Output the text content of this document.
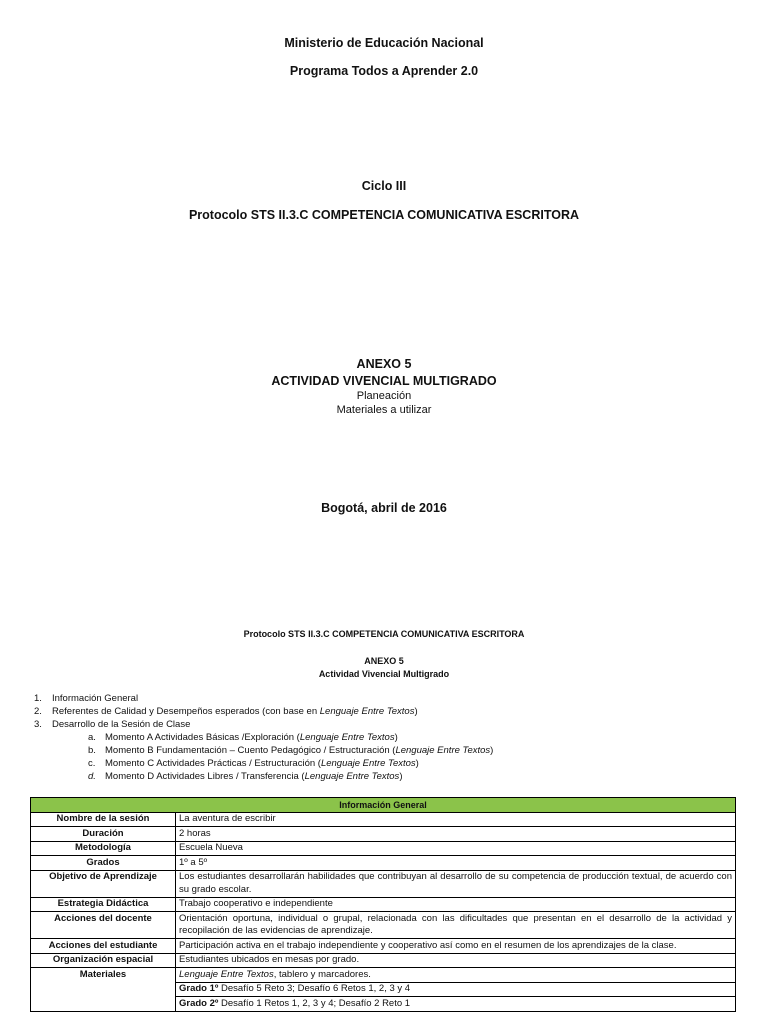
Ministerio de Educación Nacional
Programa Todos a Aprender 2.0
Ciclo III
Protocolo STS II.3.C COMPETENCIA COMUNICATIVA ESCRITORA
ANEXO 5
ACTIVIDAD VIVENCIAL MULTIGRADO
Planeación
Materiales a utilizar
Bogotá, abril de 2016
Protocolo STS II.3.C COMPETENCIA COMUNICATIVA ESCRITORA
ANEXO 5
Actividad Vivencial Multigrado
1. Información General
2. Referentes de Calidad y Desempeños esperados (con base en Lenguaje Entre Textos)
3. Desarrollo de la Sesión de Clase
a. Momento A Actividades Básicas /Exploración (Lenguaje Entre Textos)
b. Momento B Fundamentación – Cuento Pedagógico / Estructuración (Lenguaje Entre Textos)
c. Momento C Actividades Prácticas / Estructuración (Lenguaje Entre Textos)
d. Momento D Actividades Libres / Transferencia (Lenguaje Entre Textos)
Información General	
Nombre de la sesión	La aventura de escribir
Duración	2 horas
Metodología	Escuela Nueva
Grados	1º a 5º
Objetivo de Aprendizaje	Los estudiantes desarrollarán habilidades que contribuyan al desarrollo de su competencia de producción textual, de acuerdo con su grado escolar.
Estrategia Didáctica	Trabajo cooperativo e independiente
Acciones del docente	Orientación oportuna, individual o grupal, relacionada con las dificultades que presentan en el desarrollo de la actividad y recopilación de las evidencias de aprendizaje.
Acciones del estudiante	Participación activa en el trabajo independiente y cooperativo así como en el resumen de los aprendizajes de la clase.
Organización espacial	Estudiantes ubicados en mesas por grado.
Materiales	Lenguaje Entre Textos, tablero y marcadores.
	Grado 1º Desafío 5 Reto 3; Desafío 6 Retos 1, 2, 3 y 4
	Grado 2º Desafío 1 Retos 1, 2, 3 y 4; Desafío 2 Reto 1
